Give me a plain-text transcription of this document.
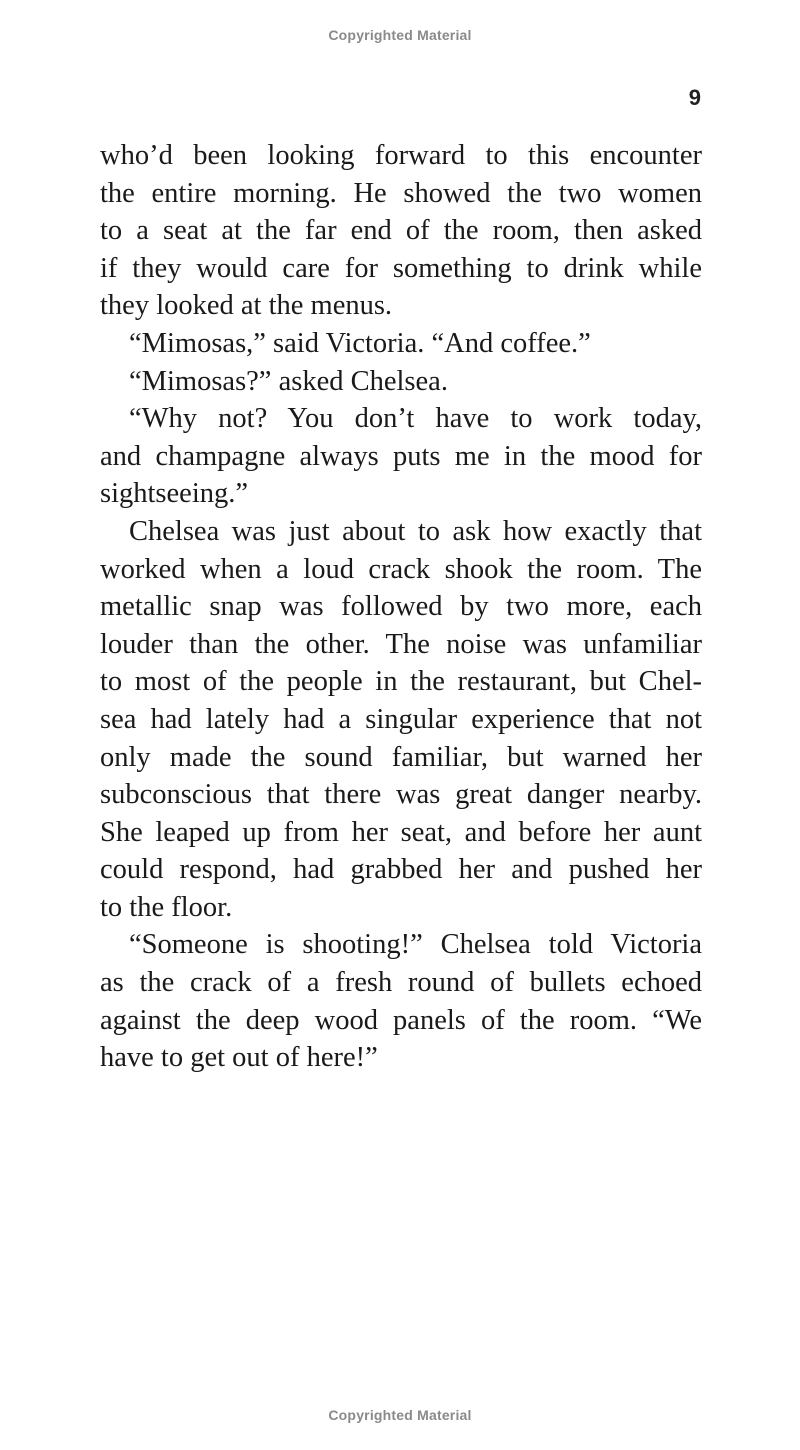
Copyrighted Material
9
who’d been looking forward to this encounter
the entire morning. He showed the two women
to a seat at the far end of the room, then asked
if they would care for something to drink while
they looked at the menus.
“Mimosas,” said Victoria. “And coffee.”
“Mimosas?” asked Chelsea.
“Why not? You don’t have to work today,
and champagne always puts me in the mood for
sightseeing.”
Chelsea was just about to ask how exactly that
worked when a loud crack shook the room. The
metallic snap was followed by two more, each
louder than the other. The noise was unfamiliar
to most of the people in the restaurant, but Chel-
sea had lately had a singular experience that not
only made the sound familiar, but warned her
subconscious that there was great danger nearby.
She leaped up from her seat, and before her aunt
could respond, had grabbed her and pushed her
to the floor.
“Someone is shooting!” Chelsea told Victoria
as the crack of a fresh round of bullets echoed
against the deep wood panels of the room. “We
have to get out of here!”
Copyrighted Material
